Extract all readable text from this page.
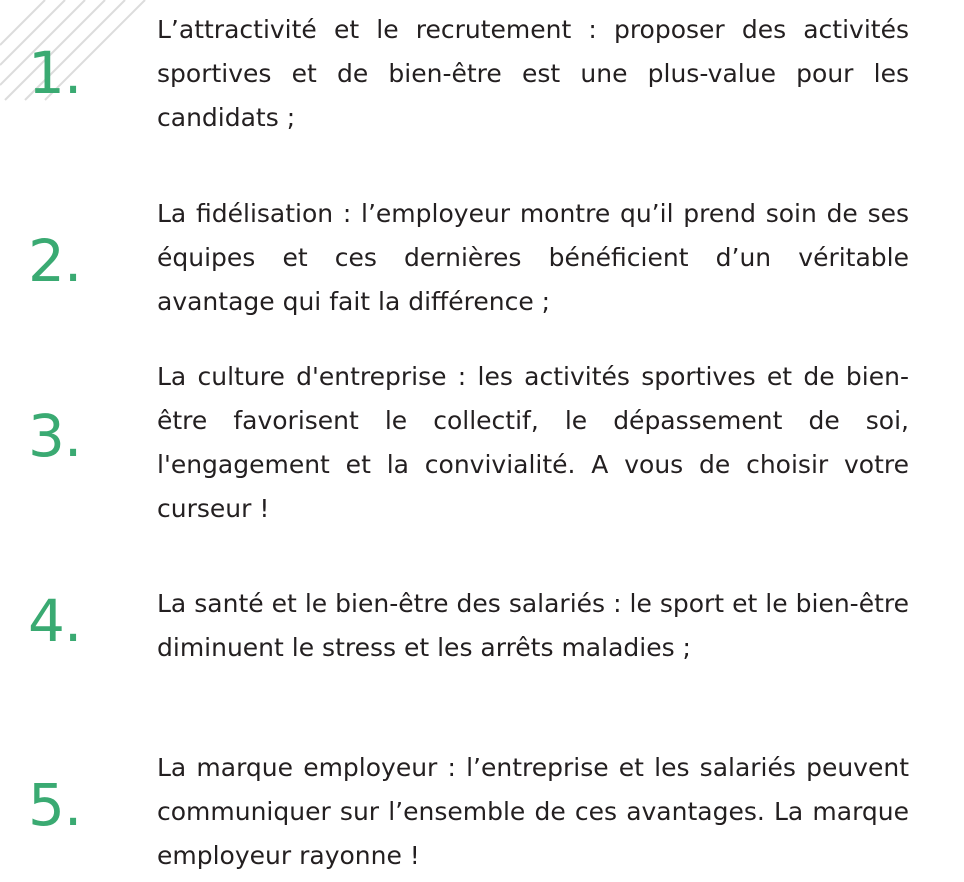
1.

L’attractivité et le recrutement : proposer des activités sportives et de bien-être est une plus-value pour les candidats ;

2.

La fidélisation : l’employeur montre qu’il prend soin de ses équipes et ces dernières bénéficient d’un véritable avantage qui fait la différence ;

3.

La culture d'entreprise : les activités sportives et de bien-être favorisent le collectif, le dépassement de soi, l'engagement et la convivialité. A vous de choisir votre curseur !

4.	La santé et le bien-être des salariés : le sport et le bien-être diminuent le stress et les arrêts maladies ;

5.

La marque employeur : l’entreprise et les salariés peuvent communiquer sur l’ensemble de ces avantages. La marque employeur rayonne !
